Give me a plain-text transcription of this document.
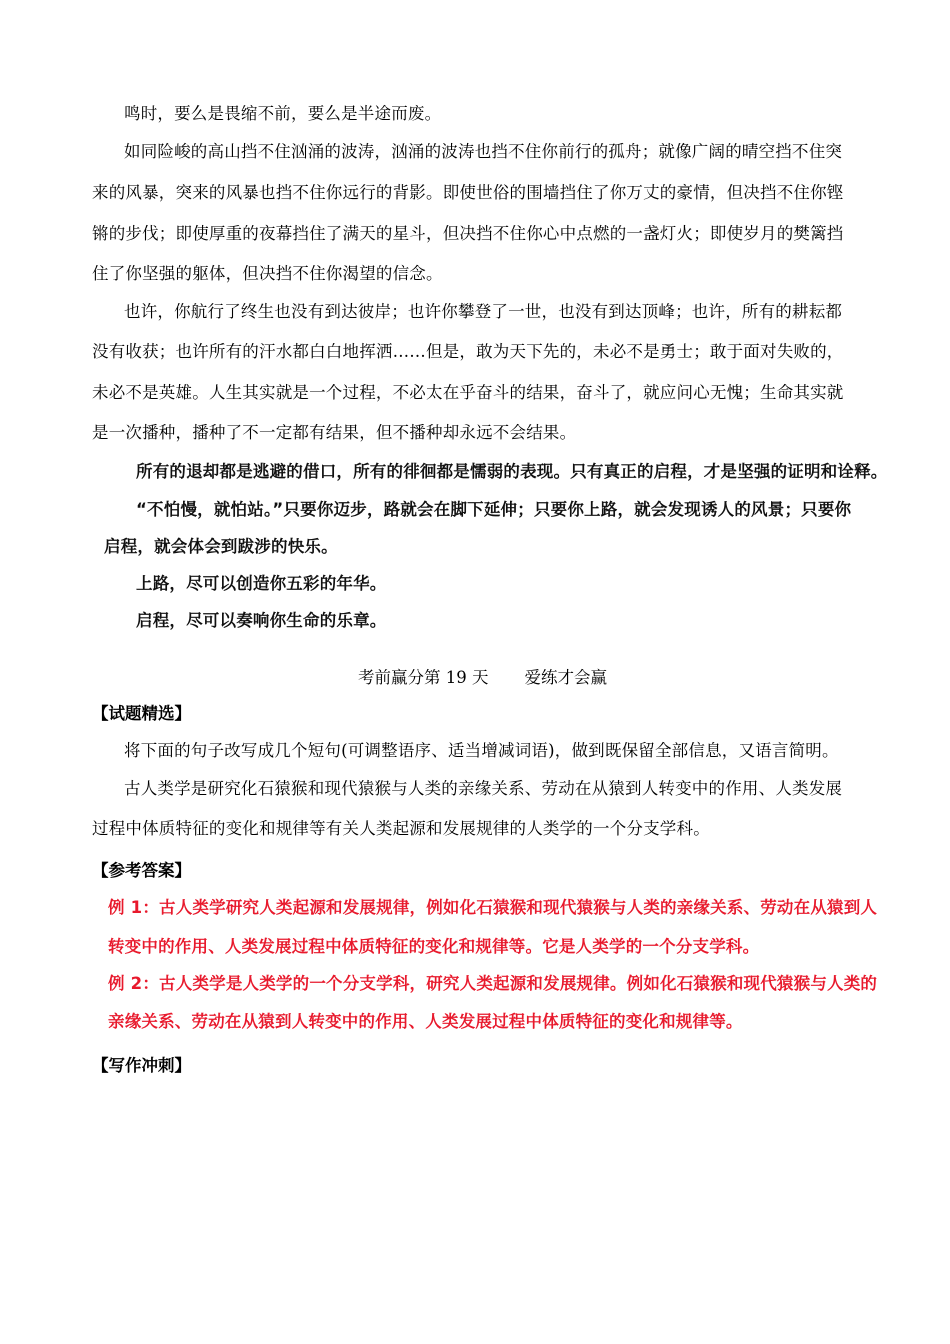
鸣时，要么是畏缩不前，要么是半途而废。
如同险峻的高山挡不住汹涌的波涛，汹涌的波涛也挡不住你前行的孤舟；就像广阔的晴空挡不住突
来的风暴，突来的风暴也挡不住你远行的背影。即使世俗的围墙挡住了你万丈的豪情，但决挡不住你铿
锵的步伐；即使厚重的夜幕挡住了满天的星斗，但决挡不住你心中点燃的一盏灯火；即使岁月的樊篱挡
住了你坚强的躯体，但决挡不住你渴望的信念。
也许，你航行了终生也没有到达彼岸；也许你攀登了一世，也没有到达顶峰；也许，所有的耕耘都
没有收获；也许所有的汗水都白白地挥洒……但是，敢为天下先的，未必不是勇士；敢于面对失败的，
未必不是英雄。人生其实就是一个过程，不必太在乎奋斗的结果，奋斗了，就应问心无愧；生命其实就
是一次播种，播种了不一定都有结果，但不播种却永远不会结果。
所有的退却都是逃避的借口，所有的徘徊都是懦弱的表现。只有真正的启程，才是坚强的证明和诠释。
“不怕慢，就怕站。”只要你迈步，路就会在脚下延伸；只要你上路，就会发现诱人的风景；只要你
启程，就会体会到跋涉的快乐。
上路，尽可以创造你五彩的年华。
启程，尽可以奏响你生命的乐章。
考前赢分第 19 天 爱练才会赢
【试题精选】
将下面的句子改写成几个短句(可调整语序、适当增减词语)，做到既保留全部信息，又语言简明。
古人类学是研究化石猿猴和现代猿猴与人类的亲缘关系、劳动在从猿到人转变中的作用、人类发展
过程中体质特征的变化和规律等有关人类起源和发展规律的人类学的一个分支学科。
【参考答案】
例 1：古人类学研究人类起源和发展规律，例如化石猿猴和现代猿猴与人类的亲缘关系、劳动在从猿到人
转变中的作用、人类发展过程中体质特征的变化和规律等。它是人类学的一个分支学科。
例 2：古人类学是人类学的一个分支学科，研究人类起源和发展规律。例如化石猿猴和现代猿猴与人类的
亲缘关系、劳动在从猿到人转变中的作用、人类发展过程中体质特征的变化和规律等。
【写作冲刺】
